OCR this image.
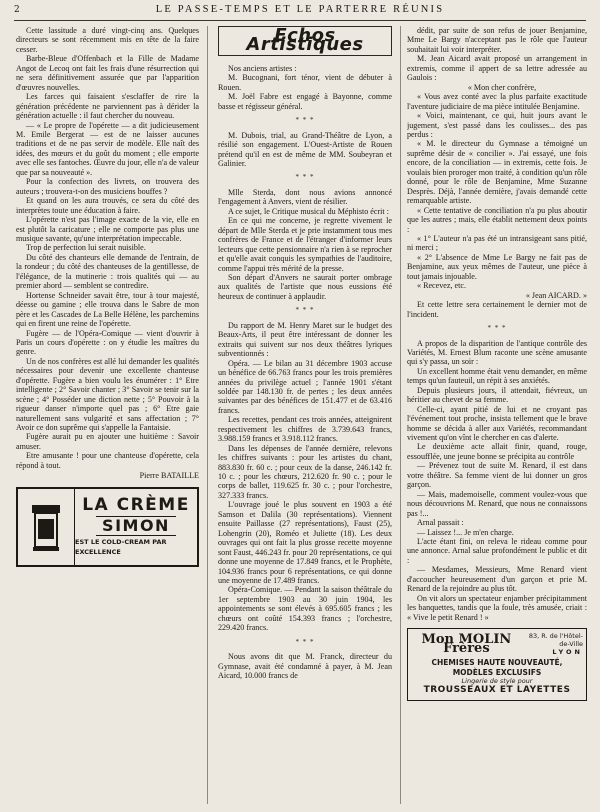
2	LE PASSE-TEMPS ET LE PARTERRE RÉUNIS

Cette lassitude a duré vingt-cinq ans. Quelques directeurs se sont récemment mis en tête de la faire cesser.

Barbe-Bleue d'Offenbach et la Fille de Madame Angot de Lecoq ont fait les frais d'une résurrection qui ne sera définitivement assurée que par l'apparition d'œuvres nouvelles.

Les farces qui faisaient s'esclaffer de rire la génération précédente ne parviennent pas à dérider la génération actuelle : il faut chercher du nouveau.

— « Le propre de l'opérette — a dit judicieusement M. Emile Bergerat — est de ne laisser aucunes traditions et de ne pas servir de modèle. Elle naît des idées, des mœurs et du goût du moment ; elle emporte avec elle ses fantoches. Œuvre du jour, elle n'a de valeur que par sa nouveauté ».

Pour la confection des livrets, on trouvera des auteurs ; trouvera-t-on des musiciens bouffes ?

Et quand on les aura trouvés, ce sera du côté des interprètes toute une éducation à faire.

L'opérette n'est pas l'image exacte de la vie, elle en est plutôt la caricature ; elle ne comporte pas plus une musique savante, qu'une interprétation impeccable.

Trop de perfection lui serait nuisible.

Du côté des chanteurs elle demande de l'entrain, de la rondeur ; du côté des chanteuses de la gentillesse, de l'élégance, de la mutinerie : trois qualités qui — au premier abord — semblent se contredire.

Hortense Schneider savait être, tour à tour majesté, déesse ou gamine ; elle trouva dans le Sabre de mon père et les Cascades de La Belle Hélène, les parchemins qui en firent une reine de l'opérette.

Fugère — de l'Opéra-Comique — vient d'ouvrir à Paris un cours d'opérette : on y étudie les maîtres du genre.

Un de nos confrères est allé lui demander les qualités nécessaires pour devenir une excellente chanteuse d'opérette. Fugère a bien voulu les énumérer : 1° Etre intelligente ; 2° Savoir chanter ; 3° Savoir se tenir sur la scène ; 4° Posséder une diction nette ; 5° Pouvoir à la rigueur danser n'importe quel pas ; 6° Etre gaie naturellement sans vulgarité et sans affectation ; 7° Avoir ce don suprême qui s'appelle la Fantaisie.

Fugère aurait pu en ajouter une huitième : Savoir amuser.

Etre amusante ! pour une chanteuse d'opérette, cela répond à tout.

Pierre BATAILLE
LA CRÈME
SIMON
EST LE COLD-CREAM PAR EXCELLENCE
Echos Artistiques

Nos anciens artistes :

M. Bucognani, fort ténor, vient de débuter à Rouen.

M. Joël Fabre est engagé à Bayonne, comme basse et régisseur général.

* * *

M. Dubois, trial, au Grand-Théâtre de Lyon, a résilié son engagement. L'Ouest-Artiste de Rouen prétend qu'il en est de même de MM. Soubeyran et Galinier.

* * *

Mlle Sterda, dont nous avions annoncé l'engagement à Anvers, vient de résilier.

A ce sujet, le Critique musical du Méphisto écrit :

En ce qui me concerne, je regrette vivement le départ de Mlle Sterda et je prie instamment tous mes confrères de France et de l'étranger d'informer leurs lecteurs que cette pensionnaire n'a rien à se reprocher et qu'elle avait conquis les sympathies de l'auditoire, comme l'appui très mérité de la presse.

Son départ d'Anvers ne saurait porter ombrage aux qualités de l'artiste que nous eussions été heureux de continuer à applaudir.

* * *

Du rapport de M. Henry Maret sur le budget des Beaux-Arts, il peut être intéressant de donner les extraits qui suivent sur nos deux théâtres lyriques subventionnés :

Opéra. — Le bilan au 31 décembre 1903 accuse un bénéfice de 66.763 francs pour les trois premières années du privilège actuel ; l'année 1901 s'étant soldée par 148.130 fr. de pertes ; les deux années suivantes par des bénéfices de 151.477 et de 63.416 francs.

Les recettes, pendant ces trois années, atteignirent respectivement les chiffres de 3.739.643 francs, 3.988.159 francs et 3.918.112 francs.

Dans les dépenses de l'année dernière, relevons les chiffres suivants : pour les artistes du chant, 883.830 fr. 60 c. ; pour ceux de la danse, 246.142 fr. 10 c. ; pour les chœurs, 212.620 fr. 90 c. ; pour le corps de ballet, 119.625 fr. 30 c. ; pour l'orchestre, 327.333 francs.

L'ouvrage joué le plus souvent en 1903 a été Samson et Dalila (30 représentations). Viennent ensuite Paillasse (27 représentations), Faust (25), Lohengrin (20), Roméo et Juliette (18). Les deux ouvrages qui ont fait la plus grosse recette moyenne sont Faust, 446.243 fr. pour 20 représentations, ce qui donne une moyenne de 17.849 francs, et le Prophète, 104.936 francs pour 6 représentations, ce qui donne une moyenne de 17.489 francs.

Opéra-Comique. — Pendant la saison théâtrale du 1er septembre 1903 au 30 juin 1904, les appointements se sont élevés à 695.605 francs ; les chœurs ont coûté 154.393 francs ; l'orchestre, 229.420 francs.

* * *

Nous avons dit que M. Franck, directeur du Gymnase, avait été condamné à payer, à M. Jean Aicard, 10.000 francs de

dédit, par suite de son refus de jouer Benjamine, Mme Le Bargy n'acceptant pas le rôle que l'auteur souhaitait lui voir interpréter.

M. Jean Aicard avait proposé un arrangement in extremis, comme il appert de sa lettre adressée au Gaulois :

« Mon cher confrère,

« Vous avez conté avec la plus parfaite exactitude l'aventure judiciaire de ma pièce intitulée Benjamine.

« Voici, maintenant, ce qui, huit jours avant le jugement, s'est passé dans les coulisses... des pas perdus :

« M. le directeur du Gymnase a témoigné un suprême désir de « concilier ». J'ai essayé, une fois encore, de la conciliation — in extremis, cette fois. Je voulais bien proroger mon traité, à condition qu'un rôle donné, pour le rôle de Benjamine, Mme Suzanne Desprès. Déjà, l'année dernière, j'avais demandé cette remarquable artiste.

« Cette tentative de conciliation n'a pu plus aboutir que les autres ; mais, elle établit nettement deux points :

« 1° L'auteur n'a pas été un intransigeant sans pitié, ni merci ;

« 2° L'absence de Mme Le Bargy ne fait pas de Benjamine, aux yeux mêmes de l'auteur, une pièce à tout jamais injouable.

« Recevez, etc.

« Jean AICARD. »

Et cette lettre sera certainement le dernier mot de l'incident.

* * *

A propos de la disparition de l'antique contrôle des Variétés, M. Ernest Blum raconte une scène amusante qui s'y passa, un soir :

Un excellent homme était venu demander, en même temps qu'un fauteuil, un répit à ses anxiétés.

Depuis plusieurs jours, il attendait, fiévreux, un héritier au chevet de sa femme.

Celle-ci, ayant pitié de lui et ne croyant pas l'événement tout proche, insista tellement que le brave homme se décida à aller aux Variétés, recommandant vivement qu'on vînt le chercher en cas d'alerte.

Le deuxième acte allait finir, quand, rouge, essoufflée, une jeune bonne se précipita au contrôle

— Prévenez tout de suite M. Renard, il est dans votre théâtre. Sa femme vient de lui donner un gros garçon.

— Mais, mademoiselle, comment voulez-vous que nous découvrions M. Renard, que nous ne connaissons pas !...

Arnal passait :

— Laissez !... Je m'en charge.

L'acte étant fini, on releva le rideau comme pour une annonce. Arnal salue profondément le public et dit :

— Mesdames, Messieurs, Mme Renard vient d'accoucher heureusement d'un garçon et prie M. Renard de la rejoindre au plus tôt.

On vit alors un spectateur enjamber précipitamment les banquettes, tandis que la foule, très amusée, criait : « Vive le petit Renard ! »

Mon MOLIN Frères
83, R. de l'Hôtel-de-Ville
LYON
CHEMISES HAUTE NOUVEAUTÉ, MODÈLES EXCLUSIFS
Lingerie de style pour
TROUSSEAUX ET LAYETTES
